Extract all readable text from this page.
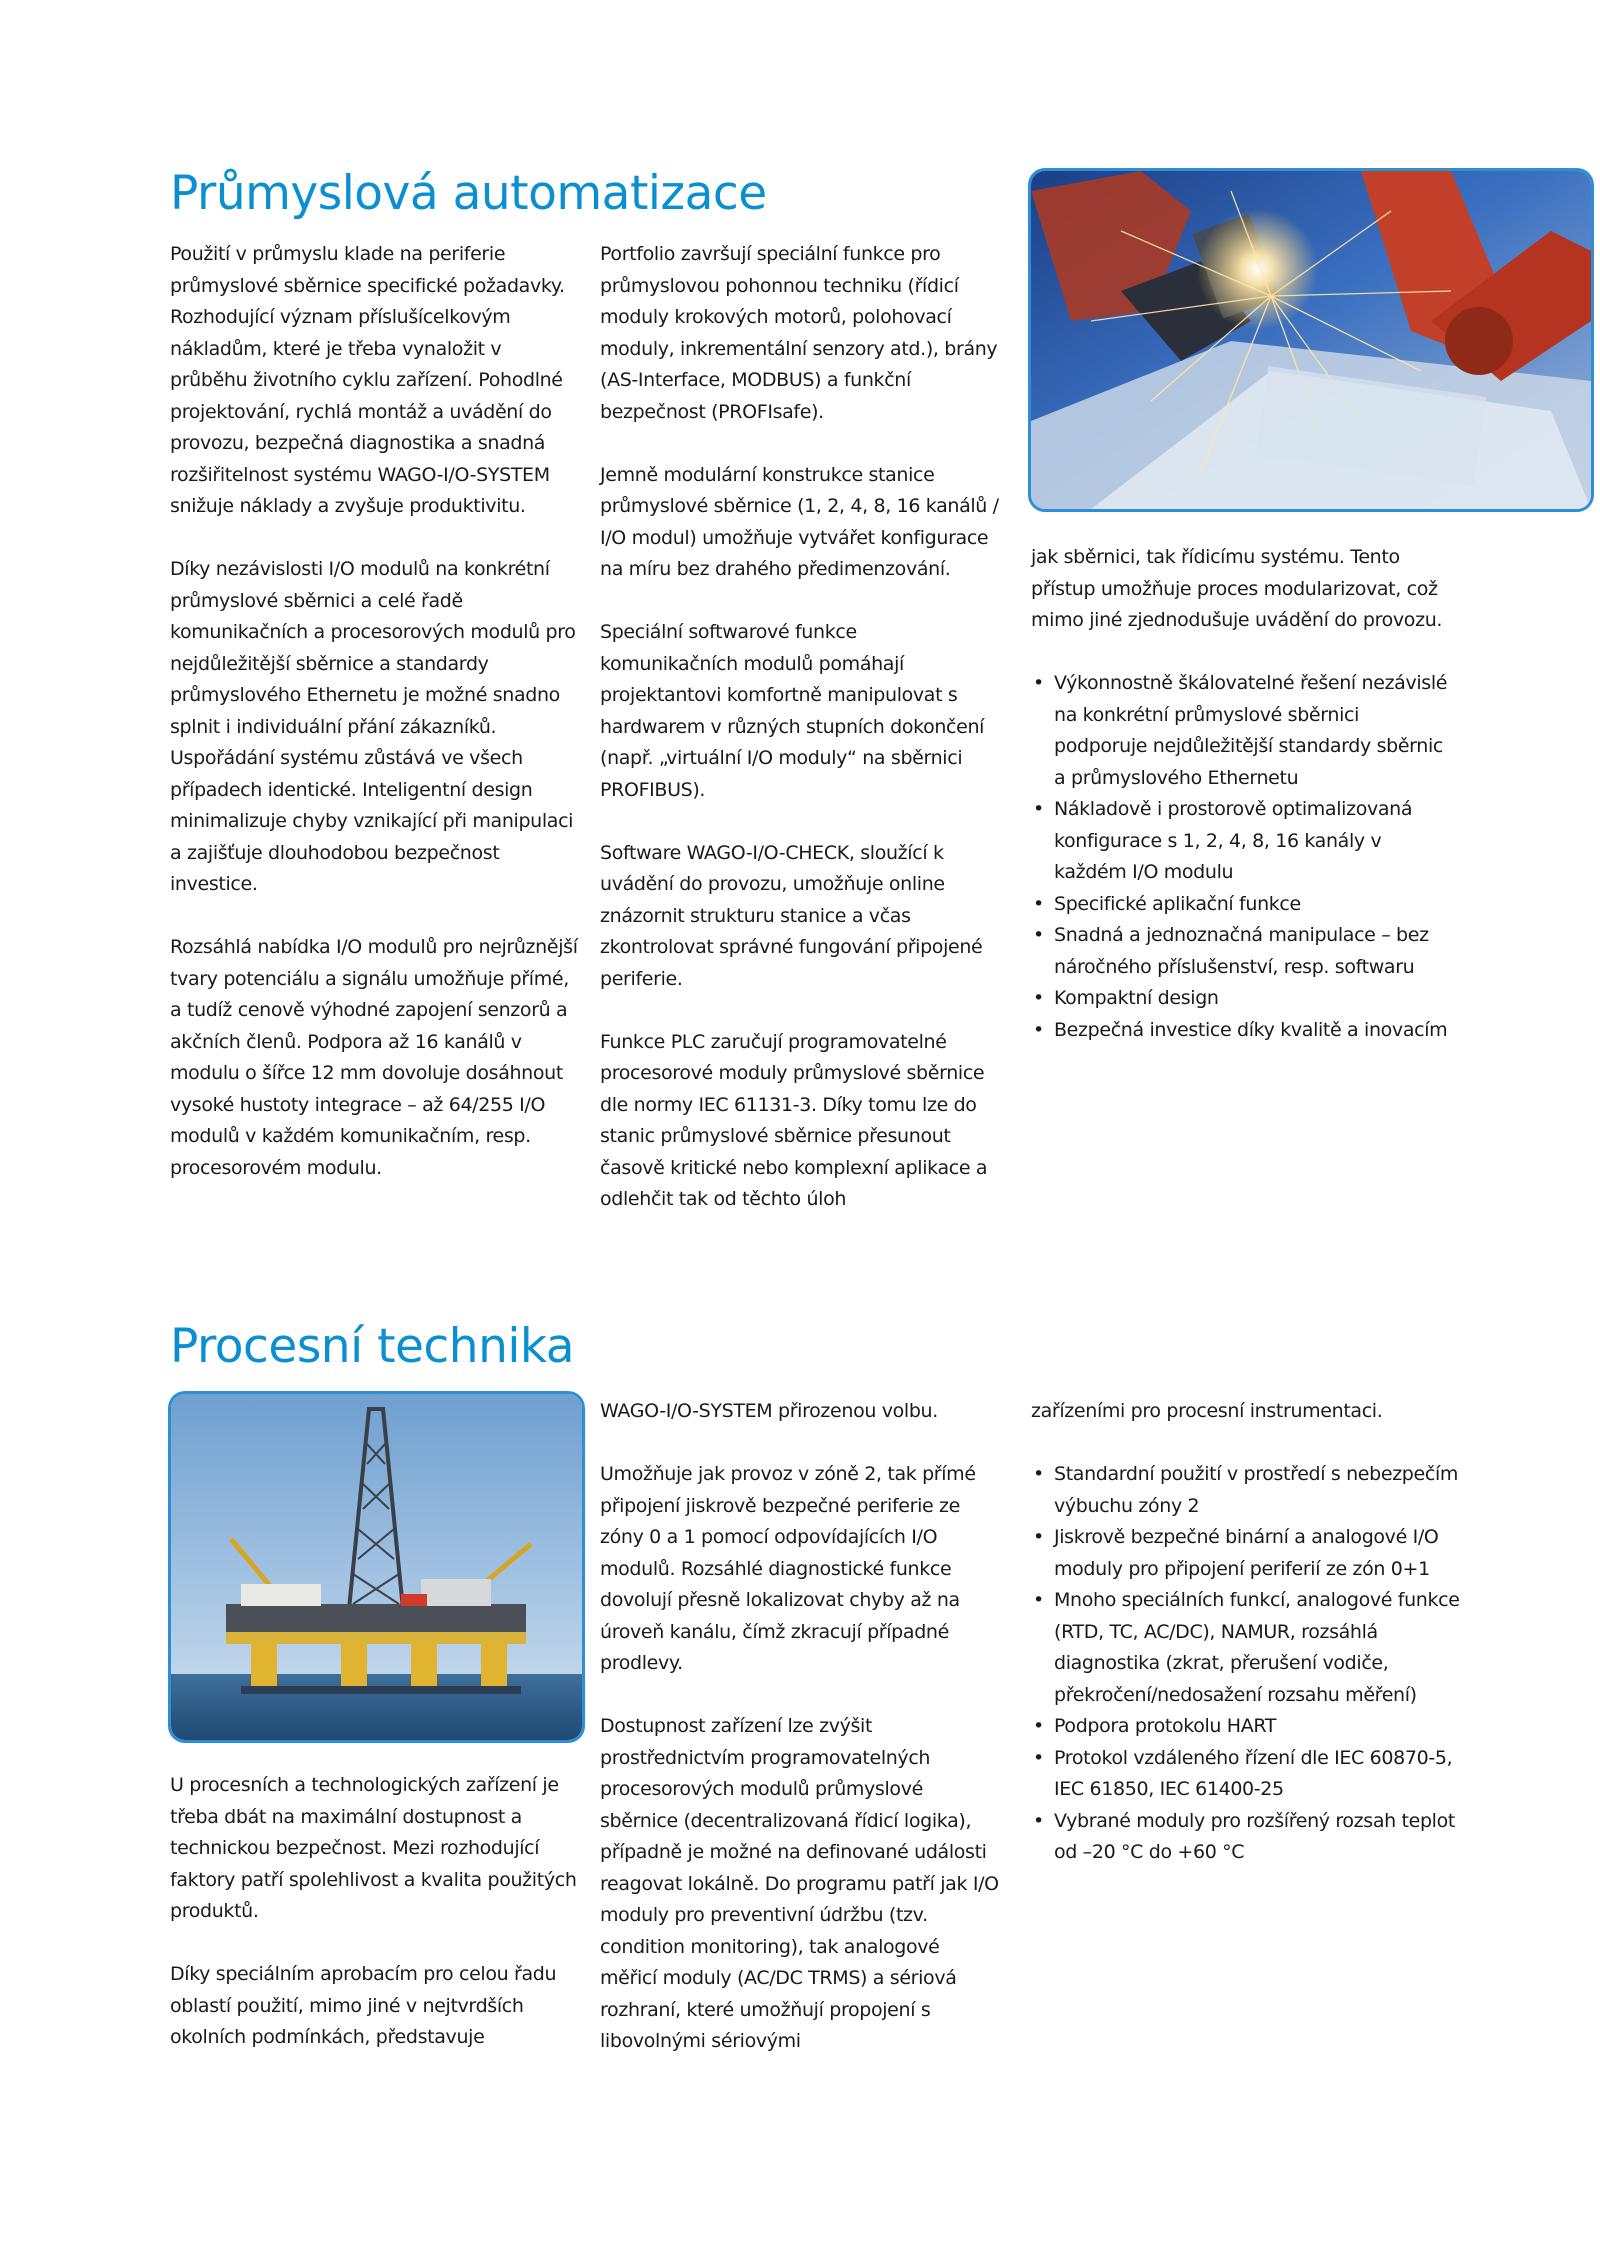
Průmyslová automatizace

Použití v průmyslu klade na periferie průmyslové sběrnice specifické požadavky. Rozhodující význam příslušícelkovým nákladům, které je třeba vynaložit v průběhu životního cyklu zařízení. Pohodlné projektování, rychlá montáž a uvádění do provozu, bezpečná diagnostika a snadná rozšiřitelnost systému WAGO-I/O-SYSTEM snižuje náklady a zvyšuje produktivitu.

Díky nezávislosti I/O modulů na konkrétní průmyslové sběrnici a celé řadě komunikačních a procesorových modulů pro nejdůležitější sběrnice a standardy průmyslového Ethernetu je možné snadno splnit i individuální přání zákazníků. Uspořádání systému zůstává ve všech případech identické. Inteligentní design minimalizuje chyby vznikající při manipulaci a zajišťuje dlouhodobou bezpečnost investice.

Rozsáhlá nabídka I/O modulů pro nejrůznější tvary potenciálu a signálu umožňuje přímé, a tudíž cenově výhodné zapojení senzorů a akčních členů. Podpora až 16 kanálů v modulu o šířce 12 mm dovoluje dosáhnout vysoké hustoty integrace – až 64/255 I/O modulů v každém komunikačním, resp. procesorovém modulu.

Portfolio završují speciální funkce pro průmyslovou pohonnou techniku (řídicí moduly krokových motorů, polohovací moduly, inkrementální senzory atd.), brány (AS-Interface, MODBUS) a funkční bezpečnost (PROFIsafe).

Jemně modulární konstrukce stanice průmyslové sběrnice (1, 2, 4, 8, 16 kanálů / I/O modul) umožňuje vytvářet konfigurace na míru bez drahého předimenzování.

Speciální softwarové funkce komunikačních modulů pomáhají projektantovi komfortně manipulovat s hardwarem v různých stupních dokončení (např. „virtuální I/O moduly“ na sběrnici PROFIBUS).

Software WAGO-I/O-CHECK, sloužící k uvádění do provozu, umožňuje online znázornit strukturu stanice a včas zkontrolovat správné fungování připojené periferie.

Funkce PLC zaručují programovatelné procesorové moduly průmyslové sběrnice dle normy IEC 61131-3. Díky tomu lze do stanic průmyslové sběrnice přesunout časově kritické nebo komplexní aplikace a odlehčit tak od těchto úloh

jak sběrnici, tak řídicímu systému. Tento přístup umožňuje proces modularizovat, což mimo jiné zjednodušuje uvádění do provozu.

• Výkonnostně škálovatelné řešení nezávislé na konkrétní průmyslové sběrnici podporuje nejdůležitější standardy sběrnic a průmyslového Ethernetu
• Nákladově i prostorově optimalizovaná konfigurace s 1, 2, 4, 8, 16 kanály v každém I/O modulu
• Specifické aplikační funkce
• Snadná a jednoznačná manipulace – bez náročného příslušenství, resp. softwaru
• Kompaktní design
• Bezpečná investice díky kvalitě a inovacím
Procesní technika

U procesních a technologických zařízení je třeba dbát na maximální dostupnost a technickou bezpečnost. Mezi rozhodující faktory patří spolehlivost a kvalita použitých produktů.

Díky speciálním aprobacím pro celou řadu oblastí použití, mimo jiné v nejtvrdších okolních podmínkách, představuje

WAGO-I/O-SYSTEM přirozenou volbu.

Umožňuje jak provoz v zóně 2, tak přímé připojení jiskrově bezpečné periferie ze zóny 0 a 1 pomocí odpovídajících I/O modulů. Rozsáhlé diagnostické funkce dovolují přesně lokalizovat chyby až na úroveň kanálu, čímž zkracují případné prodlevy.

Dostupnost zařízení lze zvýšit prostřednictvím programovatelných procesorových modulů průmyslové sběrnice (decentralizovaná řídicí logika), případně je možné na definované události reagovat lokálně. Do programu patří jak I/O moduly pro preventivní údržbu (tzv. condition monitoring), tak analogové měřicí moduly (AC/DC TRMS) a sériová rozhraní, které umožňují propojení s libovolnými sériovými

zařízeními pro procesní instrumentaci.

• Standardní použití v prostředí s nebezpečím výbuchu zóny 2
• Jiskrově bezpečné binární a analogové I/O moduly pro připojení periferií ze zón 0+1
• Mnoho speciálních funkcí, analogové funkce (RTD, TC, AC/DC), NAMUR, rozsáhlá diagnostika (zkrat, přerušení vodiče, překročení/nedosažení rozsahu měření)
• Podpora protokolu HART
• Protokol vzdáleného řízení dle IEC 60870-5, IEC 61850, IEC 61400-25
• Vybrané moduly pro rozšířený rozsah teplot od –20 °C do +60 °C
